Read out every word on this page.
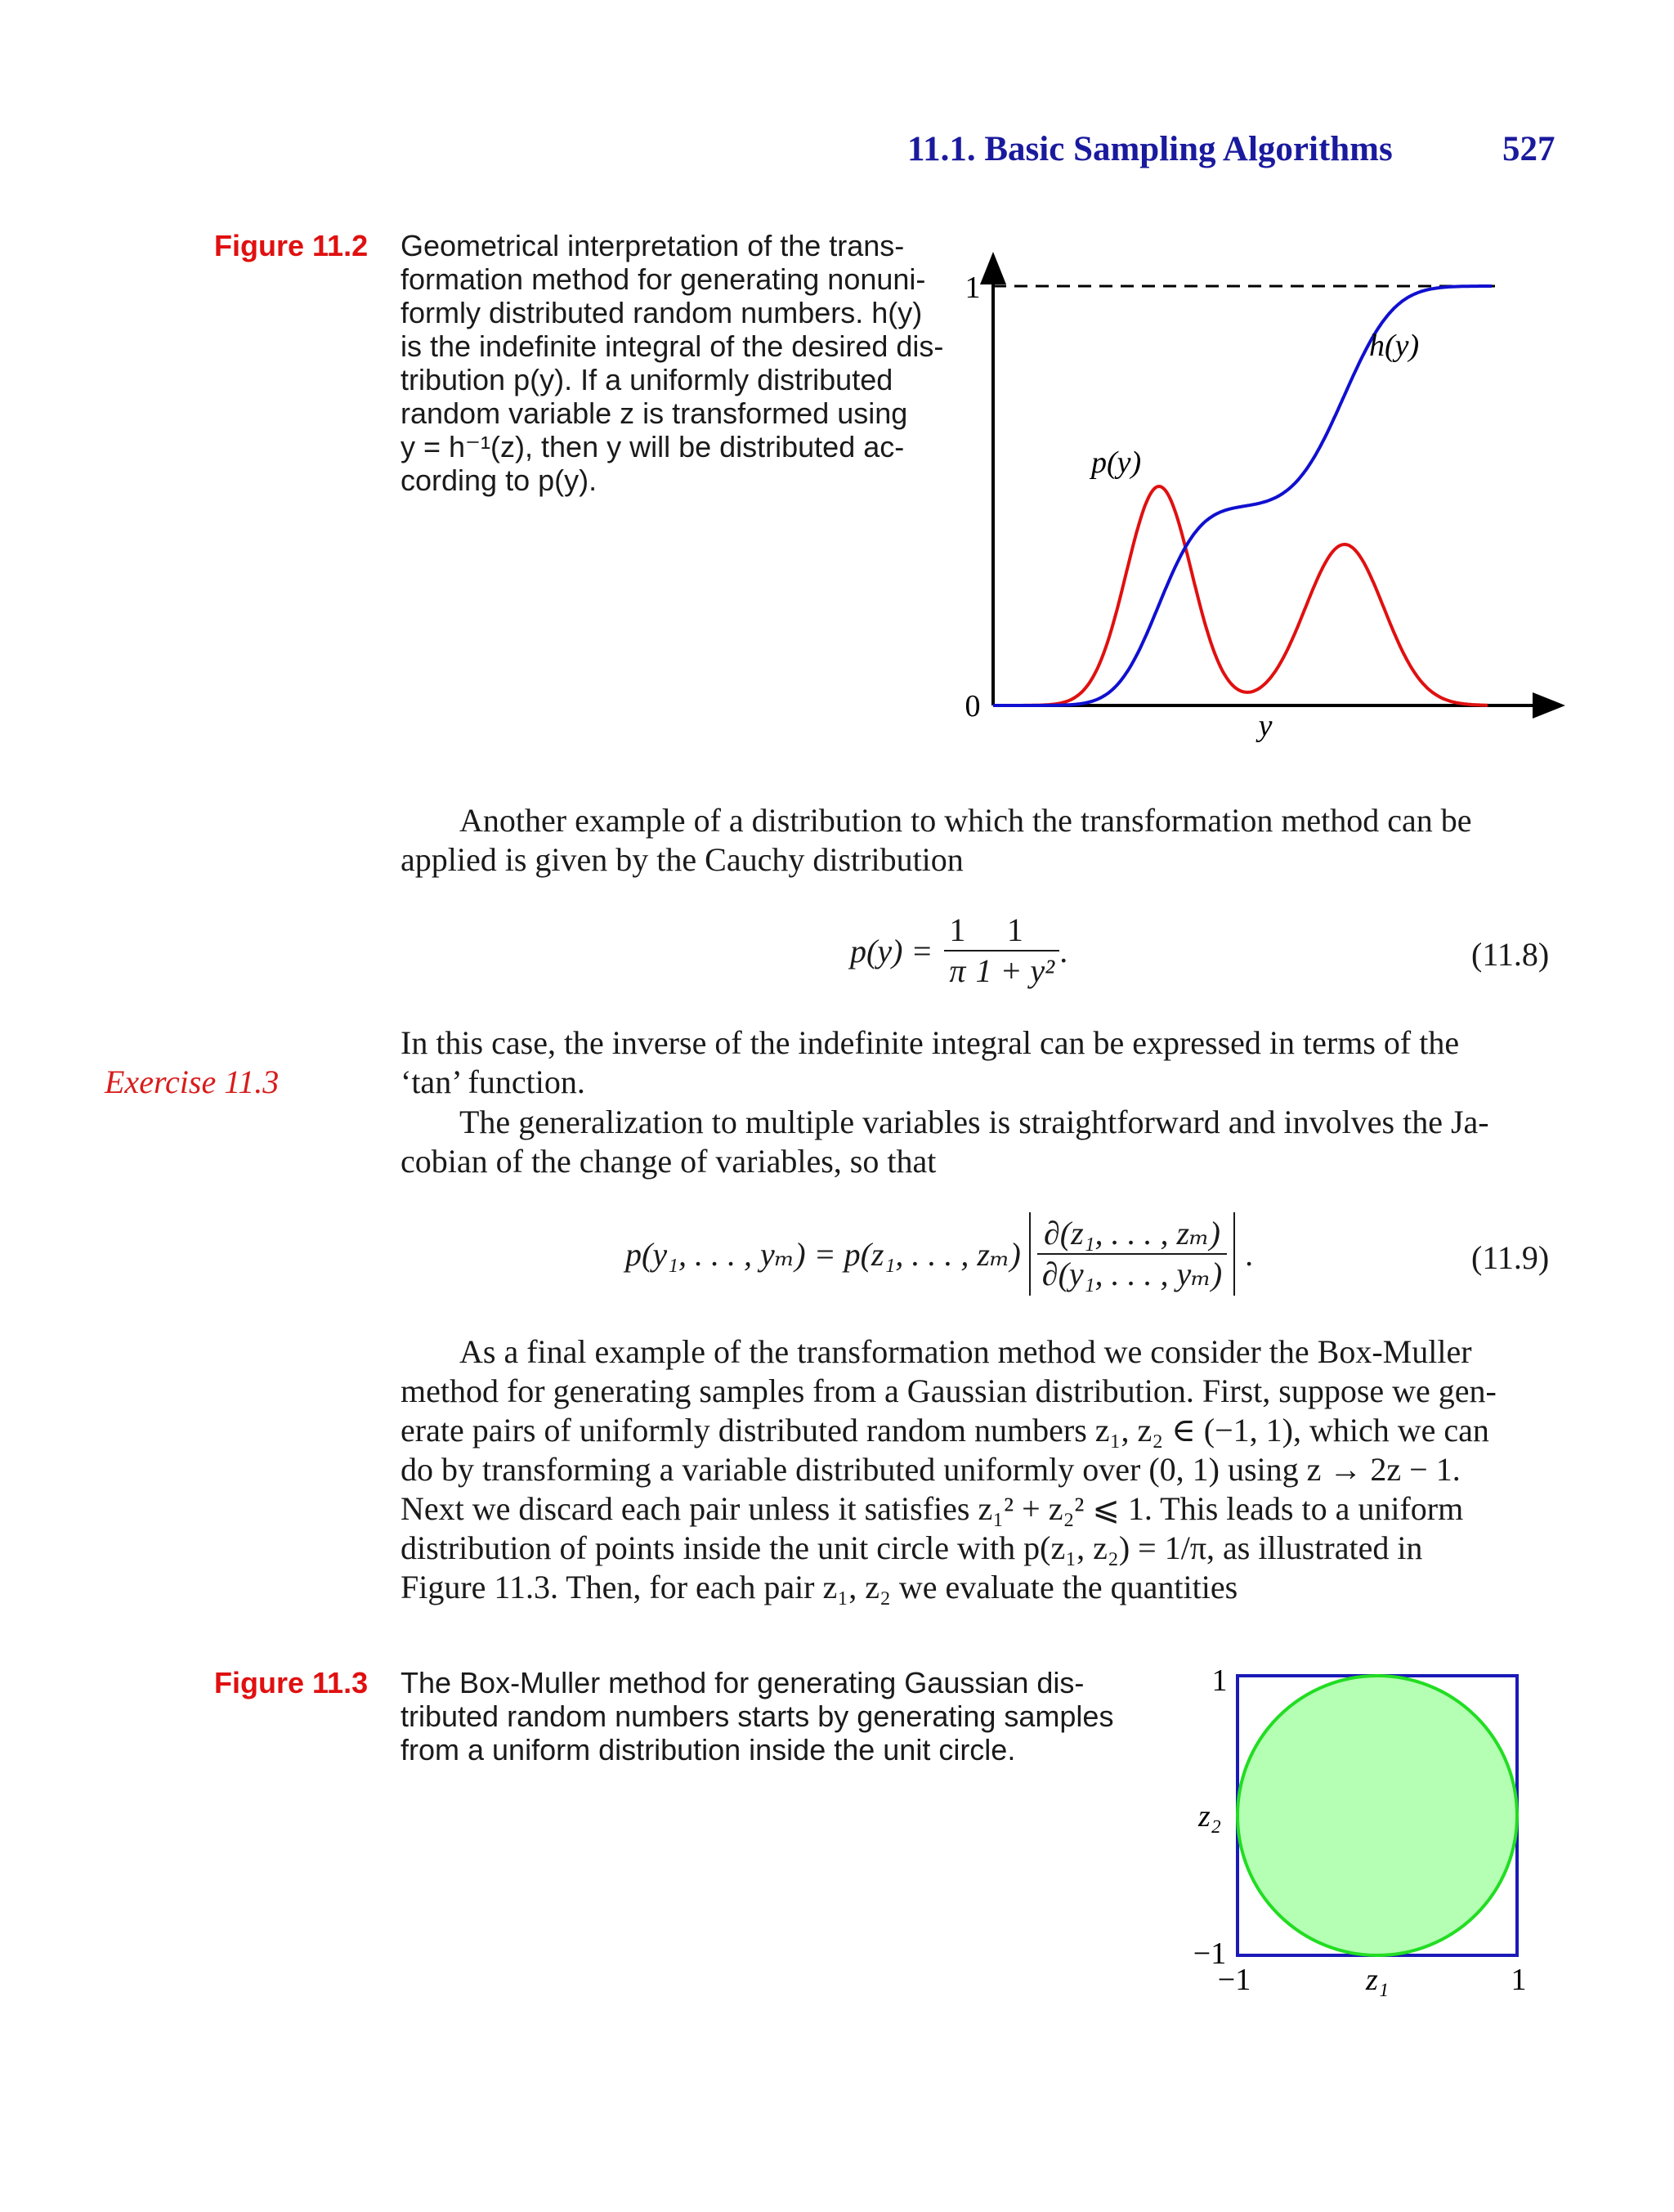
11.1. Basic Sampling Algorithms	527
Figure 11.2 Geometrical interpretation of the trans-
formation method for generating nonuni-
formly distributed random numbers. h(y)
is the indefinite integral of the desired dis-
tribution p(y). If a uniformly distributed
random variable z is transformed using
y = h⁻¹(z), then y will be distributed ac-
cording to p(y).
1
0
p(y)
h(y)
y
Another example of a distribution to which the transformation method can be
applied is given by the Cauchy distribution
$p(y) = \frac{1}{\pi} \frac{1}{\text{1 + y²}}$ .	(11.8)
Exercise 11.3
In this case, the inverse of the indefinite integral can be expressed in terms of the
‘tan’ function.
The generalization to multiple variables is straightforward and involves the Ja-
cobian of the change of variables, so that
p(y₁, . . . , yₘ) = p(z₁, . . . , $z_m) \frac{\text{∂(z₁, . . . , zₘ)}}{\text{∂(y₁, . . . , yₘ)}}$ .	(11.9)
As a final example of the transformation method we consider the Box-Muller
method for generating samples from a Gaussian distribution. First, suppose we gen-
erate pairs of uniformly distributed random numbers z₁, z₂ ∈ (−1, 1), which we can
do by transforming a variable distributed uniformly over (0, 1) using z → 2z − 1.
Next we discard each pair unless it satisfies z₁² + z₂² ⩽ 1. This leads to a uniform
distribution of points inside the unit circle with p(z₁, z₂) = 1/π, as illustrated in
Figure 11.3. Then, for each pair z₁, z₂ we evaluate the quantities
Figure 11.3 The Box-Muller method for generating Gaussian dis-
tributed random numbers starts by generating samples
from a uniform distribution inside the unit circle.
1
−1
z₂
−1	z₁	1
